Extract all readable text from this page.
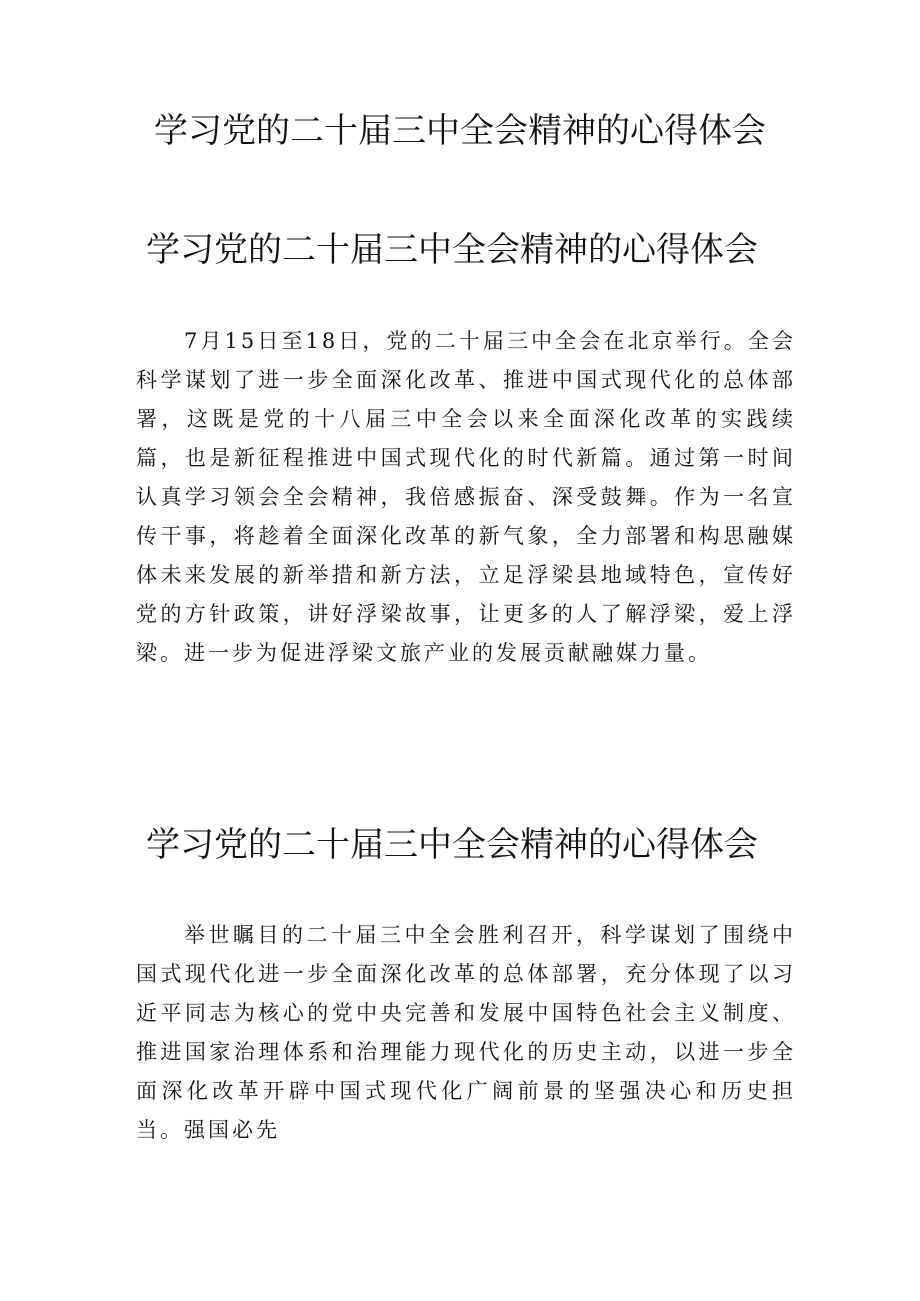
学习党的二十届三中全会精神的心得体会
学习党的二十届三中全会精神的心得体会

7月15日至18日，党的二十届三中全会在北京举行。全会科学谋划了进一步全面深化改革、推进中国式现代化的总体部署，这既是党的十八届三中全会以来全面深化改革的实践续篇，也是新征程推进中国式现代化的时代新篇。通过第一时间认真学习领会全会精神，我倍感振奋、深受鼓舞。作为一名宣传干事，将趁着全面深化改革的新气象，全力部署和构思融媒体未来发展的新举措和新方法，立足浮梁县地域特色，宣传好党的方针政策，讲好浮梁故事，让更多的人了解浮梁，爱上浮梁。进一步为促进浮梁文旅产业的发展贡献融媒力量。

学习党的二十届三中全会精神的心得体会

举世瞩目的二十届三中全会胜利召开，科学谋划了围绕中国式现代化进一步全面深化改革的总体部署，充分体现了以习近平同志为核心的党中央完善和发展中国特色社会主义制度、推进国家治理体系和治理能力现代化的历史主动，以进一步全面深化改革开辟中国式现代化广阔前景的坚强决心和历史担当。强国必先
